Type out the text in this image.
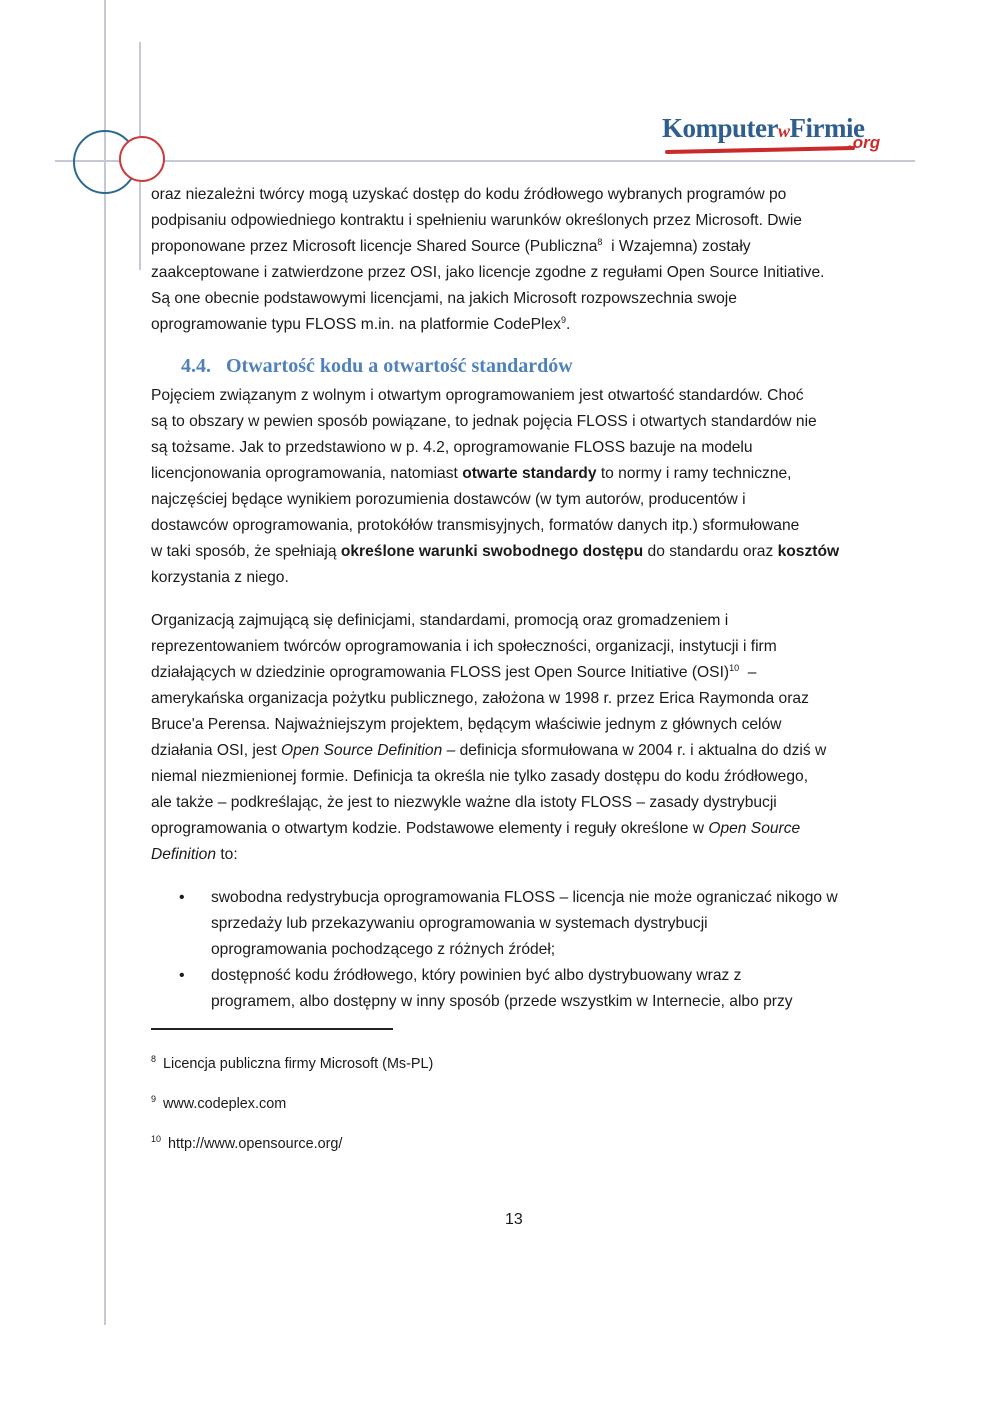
KomputerwFirmie
.org
oraz niezależni twórcy mogą uzyskać dostęp do kodu źródłowego wybranych programów po
podpisaniu odpowiedniego kontraktu i spełnieniu warunków określonych przez Microsoft. Dwie
proponowane przez Microsoft licencje Shared Source (Publiczna$^8$  i Wzajemna) zostały
zaakceptowane i zatwierdzone przez OSI, jako licencje zgodne z regułami Open Source Initiative.
Są one obecnie podstawowymi licencjami, na jakich Microsoft rozpowszechnia swoje
oprogramowanie typu FLOSS m.in. na platformie CodePlex$^9$.
4.4. Otwartość kodu a otwartość standardów
Pojęciem związanym z wolnym i otwartym oprogramowaniem jest otwartość standardów. Choć
są to obszary w pewien sposób powiązane, to jednak pojęcia FLOSS i otwartych standardów nie
są tożsame. Jak to przedstawiono w p. 4.2, oprogramowanie FLOSS bazuje na modelu
licencjonowania oprogramowania, natomiast otwarte standardy to normy i ramy techniczne,
najczęściej będące wynikiem porozumienia dostawców (w tym autorów, producentów i
dostawców oprogramowania, protokółów transmisyjnych, formatów danych itp.) sformułowane
w taki sposób, że spełniają określone warunki swobodnego dostępu do standardu oraz kosztów
korzystania z niego.
Organizacją zajmującą się definicjami, standardami, promocją oraz gromadzeniem i
reprezentowaniem twórców oprogramowania i ich społeczności, organizacji, instytucji i firm
działających w dziedzinie oprogramowania FLOSS jest Open Source Initiative (OSI)$^{10}$  –
amerykańska organizacja pożytku publicznego, założona w 1998 r. przez Erica Raymonda oraz
Bruce'a Perensa. Najważniejszym projektem, będącym właściwie jednym z głównych celów
działania OSI, jest Open Source Definition – definicja sformułowana w 2004 r. i aktualna do dziś w
niemal niezmienionej formie. Definicja ta określa nie tylko zasady dostępu do kodu źródłowego,
ale także – podkreślając, że jest to niezwykle ważne dla istoty FLOSS – zasady dystrybucji
oprogramowania o otwartym kodzie. Podstawowe elementy i reguły określone w Open Source
Definition to:
• swobodna redystrybucja oprogramowania FLOSS – licencja nie może ograniczać nikogo w
sprzedaży lub przekazywaniu oprogramowania w systemach dystrybucji
oprogramowania pochodzącego z różnych źródeł;
• dostępność kodu źródłowego, który powinien być albo dystrybuowany wraz z
programem, albo dostępny w inny sposób (przede wszystkim w Internecie, albo przy
$^8$ Licencja publiczna firmy Microsoft (Ms-PL)
$^9$ www.codeplex.com
$^{10}$ http://www.opensource.org/
13
